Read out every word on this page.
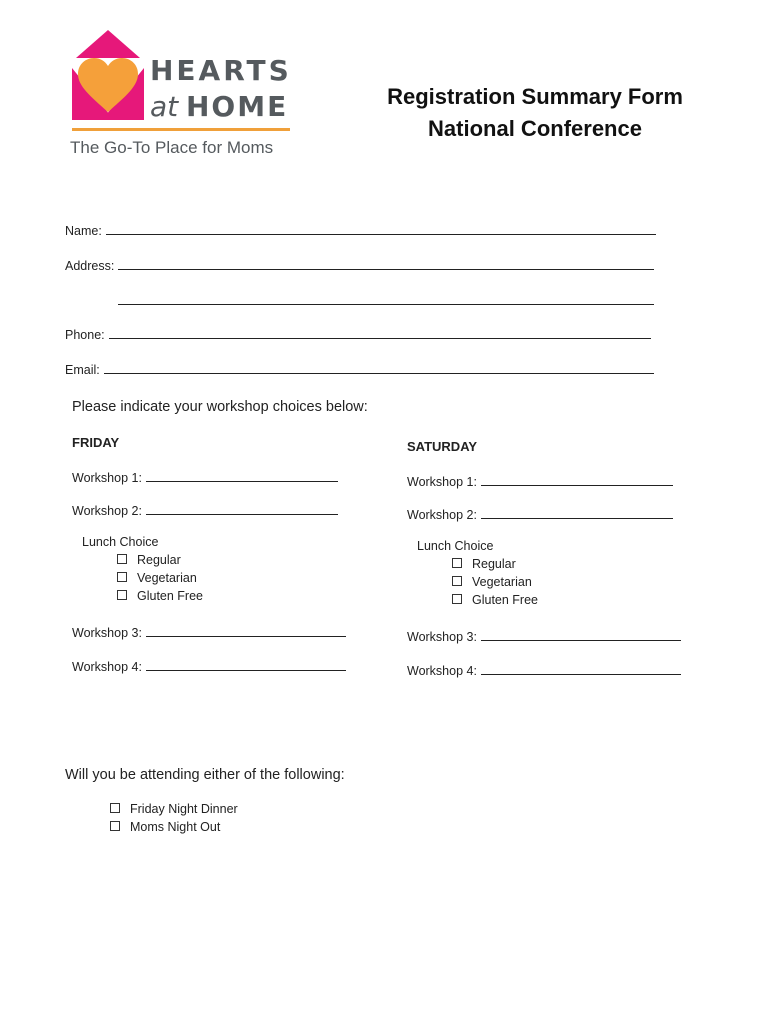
HEARTS
at HOME
The Go-To Place for Moms
Registration Summary Form
National Conference
Name:
Address:
Phone:
Email:
Please indicate your workshop choices below:
FRIDAY
Workshop 1:
Workshop 2:
Lunch Choice
Regular
Vegetarian
Gluten Free
Workshop 3:
Workshop 4:
SATURDAY
Workshop 1:
Workshop 2:
Lunch Choice
Regular
Vegetarian
Gluten Free
Workshop 3:
Workshop 4:
Will you be attending either of the following:
Friday Night Dinner
Moms Night Out
